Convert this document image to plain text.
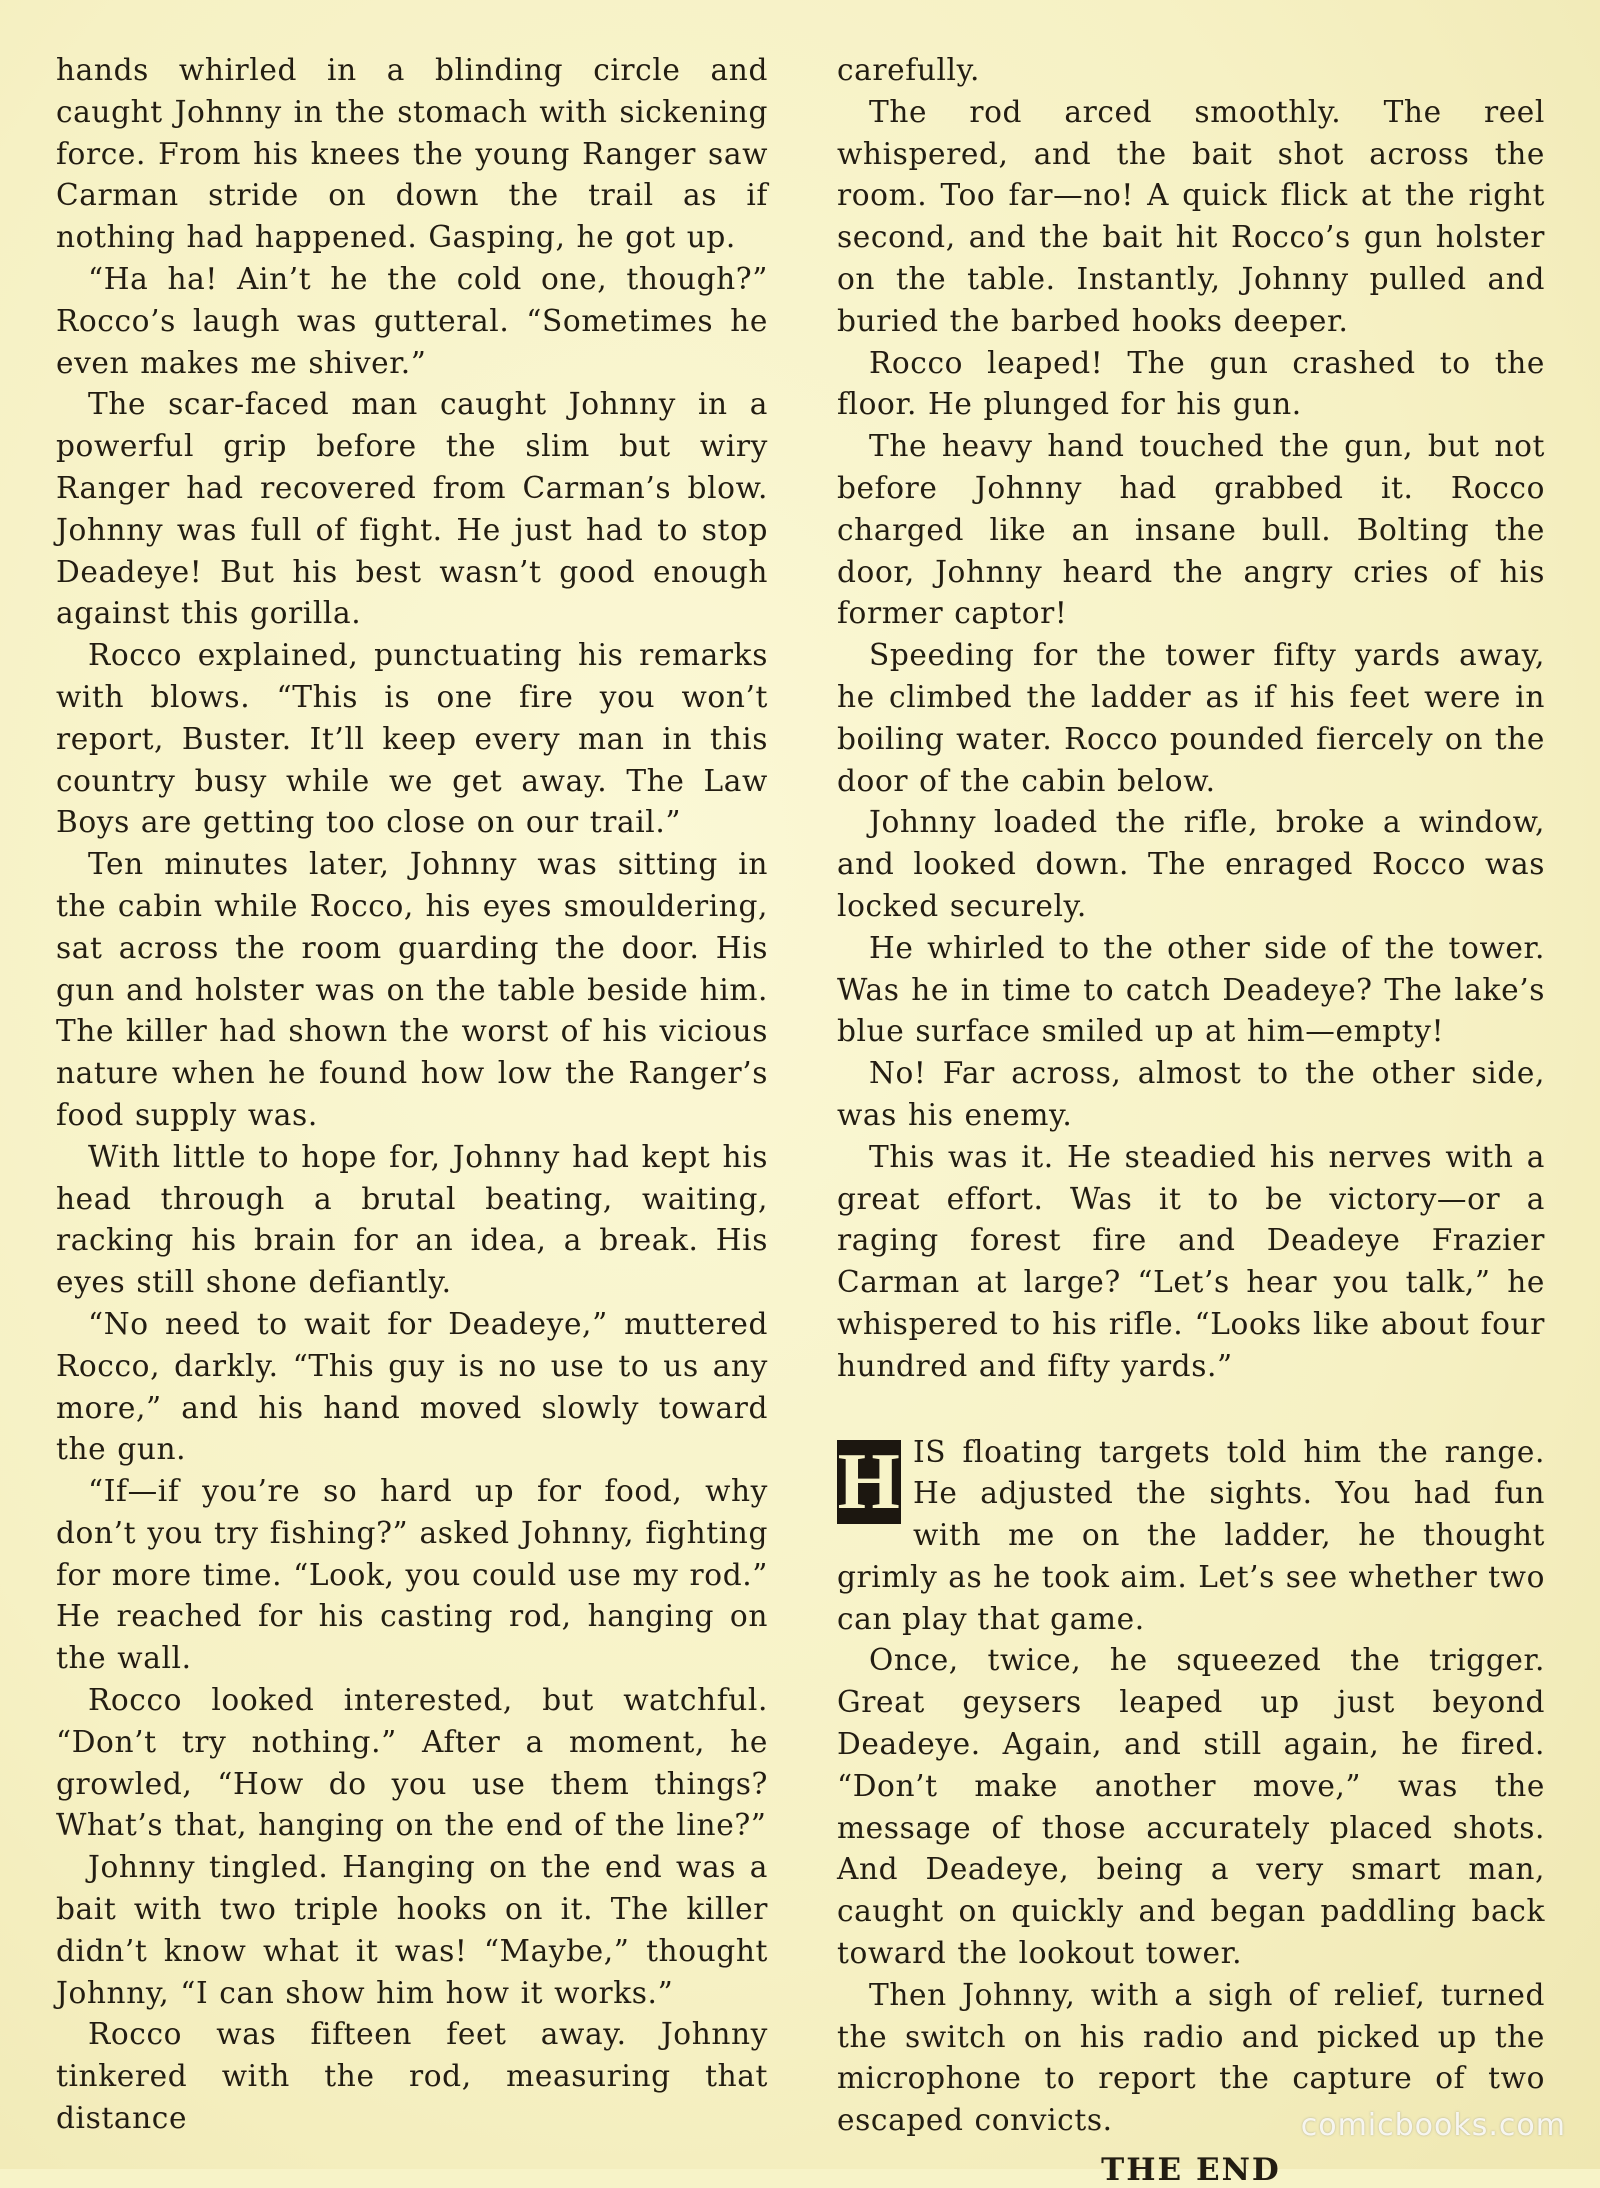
hands whirled in a blinding circle and caught Johnny in the stomach with sickening force. From his knees the young Ranger saw Carman stride on down the trail as if nothing had happened. Gasping, he got up.

“Ha ha! Ain’t he the cold one, though?” Rocco’s laugh was gutteral. “Sometimes he even makes me shiver.”

The scar-faced man caught Johnny in a powerful grip before the slim but wiry Ranger had recovered from Carman’s blow. Johnny was full of fight. He just had to stop Deadeye! But his best wasn’t good enough against this gorilla.

Rocco explained, punctuating his remarks with blows. “This is one fire you won’t report, Buster. It’ll keep every man in this country busy while we get away. The Law Boys are getting too close on our trail.”

Ten minutes later, Johnny was sitting in the cabin while Rocco, his eyes smouldering, sat across the room guarding the door. His gun and holster was on the table beside him. The killer had shown the worst of his vicious nature when he found how low the Ranger’s food supply was.

With little to hope for, Johnny had kept his head through a brutal beating, waiting, racking his brain for an idea, a break. His eyes still shone defiantly.

“No need to wait for Deadeye,” muttered Rocco, darkly. “This guy is no use to us any more,” and his hand moved slowly toward the gun.

“If—if you’re so hard up for food, why don’t you try fishing?” asked Johnny, fighting for more time. “Look, you could use my rod.” He reached for his casting rod, hanging on the wall.

Rocco looked interested, but watchful. “Don’t try nothing.” After a moment, he growled, “How do you use them things? What’s that, hanging on the end of the line?”

Johnny tingled. Hanging on the end was a bait with two triple hooks on it. The killer didn’t know what it was! “Maybe,” thought Johnny, “I can show him how it works.”

Rocco was fifteen feet away. Johnny tinkered with the rod, measuring that distance

carefully.

The rod arced smoothly. The reel whispered, and the bait shot across the room. Too far—no! A quick flick at the right second, and the bait hit Rocco’s gun holster on the table. Instantly, Johnny pulled and buried the barbed hooks deeper.

Rocco leaped! The gun crashed to the floor. He plunged for his gun.

The heavy hand touched the gun, but not before Johnny had grabbed it. Rocco charged like an insane bull. Bolting the door, Johnny heard the angry cries of his former captor!

Speeding for the tower fifty yards away, he climbed the ladder as if his feet were in boiling water. Rocco pounded fiercely on the door of the cabin below.

Johnny loaded the rifle, broke a window, and looked down. The enraged Rocco was locked securely.

He whirled to the other side of the tower. Was he in time to catch Deadeye? The lake’s blue surface smiled up at him—empty!

No! Far across, almost to the other side, was his enemy.

This was it. He steadied his nerves with a great effort. Was it to be victory—or a raging forest fire and Deadeye Frazier Carman at large? “Let’s hear you talk,” he whispered to his rifle. “Looks like about four hundred and fifty yards.”

H IS floating targets told him the range. He adjusted the sights. You had fun with me on the ladder, he thought grimly as he took aim. Let’s see whether two can play that game.

Once, twice, he squeezed the trigger. Great geysers leaped up just beyond Deadeye. Again, and still again, he fired. “Don’t make another move,” was the message of those accurately placed shots. And Deadeye, being a very smart man, caught on quickly and began paddling back toward the lookout tower.

Then Johnny, with a sigh of relief, turned the switch on his radio and picked up the microphone to report the capture of two escaped convicts.

THE END
comicbooks.com
